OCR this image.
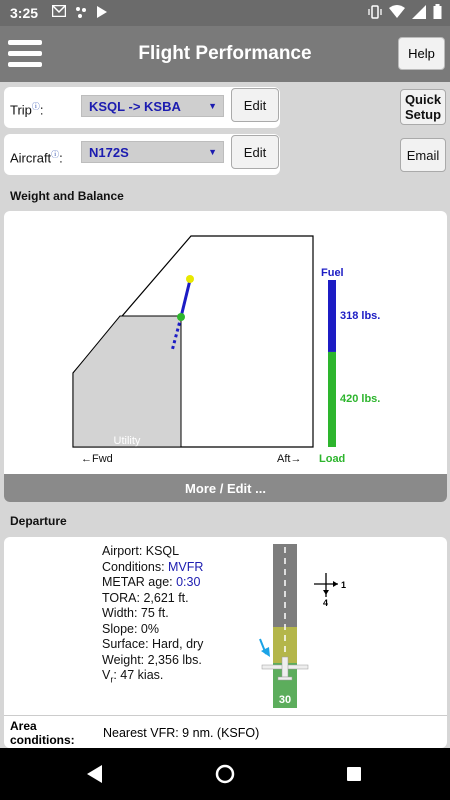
3:25
Flight Performance	Help
Tripⓘ:	KSQL -> KSBA	▼	Edit
Aircraftⓘ:	N172S	▼	Edit
Quick
Setup
Email
Weight and Balance
Utility
←Fwd	Aft→
Fuel
318 lbs.
420 lbs.
Load
More / Edit ...
Departure
Airport: KSQL
Conditions: MVFR
METAR age: 0:30
TORA: 2,621 ft.
Width: 75 ft.
Slope: 0%
Surface: Hard, dry
Weight: 2,356 lbs.
$V_r$: 47 kias.
30
1
4
Area
conditions:	Nearest VFR: 9 nm. (KSFO)
